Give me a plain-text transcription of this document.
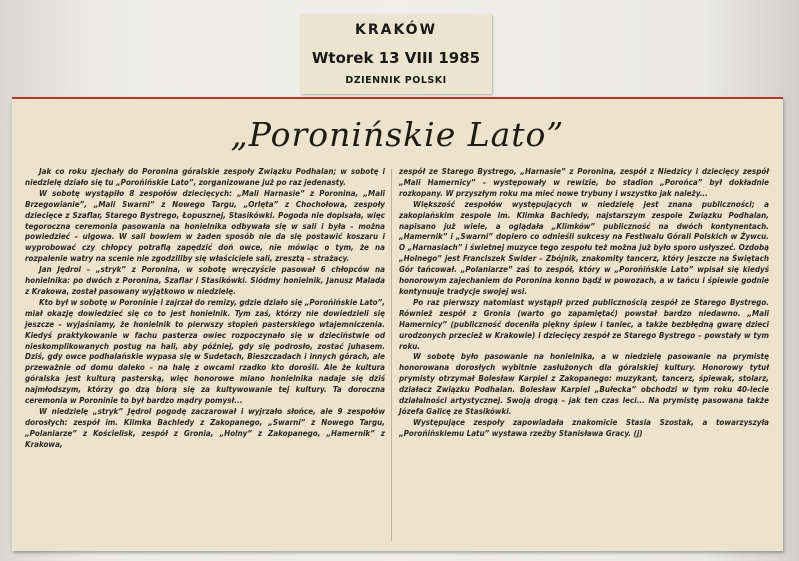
KRAKÓW
Wtorek 13 VIII 1985
DZIENNIK POLSKI
„Poronińskie Lato”

Jak co roku zjechały do Poronina góralskie zespoły Związku Podhalan; w sobotę i niedzielę działo się tu „Porońińskie Lato”, zorganizowane już po raz jedenasty.

W sobotę wystąpiło 8 zespołów dziecięcych: „Mali Harnasie” z Poronina, „Mali Brzegowianie”, „Mali Swarni” z Nowego Targu, „Orlęta” z Chochołowa, zespoły dziecięce z Szaflar, Starego Bystrego, Łopusznej, Stasikówki. Pogoda nie dopisała, więc tegoroczna ceremonia pasowania na honielnika odbywała się w sali i była – można powiedzieć – ulgowa. W sali bowiem w żaden sposób nie da się postawić koszaru i wyprobować czy chłopcy potrafią zapędzić doń owce, nie mówiąc o tym, że na rozpalenie watry na scenie nie zgodziliby się właściciele sali, zresztą – strażacy.

Jan Jędrol – „stryk” z Poronina, w sobotę wręczyście pasował 6 chłopców na honielnika: po dwóch z Poronina, Szaflar i Stasikówki. Siódmy honielnik, Janusz Malada z Krakowa, został pasowany wyjątkowo w niedzielę.

Kto był w sobotę w Poroninie i zajrzał do remizy, gdzie działo się „Porońińskie Lato”, miał okazję dowiedzieć się co to jest honielnik. Tym zaś, którzy nie dowiedzieli się jeszcze – wyjaśniamy, że honielnik to pierwszy stopień pasterskiego wtajemniczenia. Kiedyś praktykowanie w fachu pasterza owiec rozpoczynało się w dzieciństwie od nieskomplikowanych postug na hali, aby później, gdy się podrosło, zostać juhasem. Dziś, gdy owce podhalańskie wypasa się w Sudetach, Bieszczadach i innych górach, ale przeważnie od domu daleko – na halę z owcami rzadko kto dorośli. Ale że kultura góralska jest kulturą pasterską, więc honorowe miano honielnika nadaje się dziś najmłodszym, którzy go dzą biorą się za kultywowanie tej kultury. Ta doroczna ceremonia w Poroninie to był bardzo mądry pomysł...

W niedzielę „stryk” Jędrol pogodę zaczarował i wyjrzało słońce, ale 9 zespołów dorosłych: zespół im. Klimka Bachledy z Zakopanego, „Swarni” z Nowego Targu, „Polaniarze” z Kościelisk, zespół z Gronia, „Holny” z Zakopanego, „Hamernik” z Krakowa,

zespół ze Starego Bystrego, „Harnasie” z Poronina, zespół z Niedzicy i dziecięcy zespół „Mali Hamernicy” – występowały w rewizie, bo stadion „Porońca” był dokładnie rozkopany. W przyszłym roku ma mieć nowe trybuny i wszystko jak należy...

Większość zespołów występujących w niedzielę jest znana publiczności; a zakopiańskim zespole im. Klimka Bachledy, najstarszym zespole Związku Podhalan, napisano już wiele, a oglądała „Klimków” publiczność na dwóch kontynentach. „Hamernik” i „Swarni” dopiero co odnieśli sukcesy na Festiwalu Górali Polskich w Żywcu. O „Harnasiach” i świetnej muzyce tego zespołu też można już było sporo usłyszeć. Ozdobą „Holnego” jest Franciszek Świder – Zbójnik, znakomity tancerz, który jeszcze na Świętach Gór tańcował. „Polaniarze” zaś to zespół, który w „Porońińskie Lato” wpisał się kiedyś honorowym zajechaniem do Poronina konno bądź w powozach, a w tańcu i śpiewie godnie kontynuuje tradycje swojej wsi.

Po raz pierwszy natomiast wystąpił przed publicznością zespół ze Starego Bystrego. Również zespół z Gronia (warto go zapamiętać) powstał bardzo niedawno. „Mali Hamernicy” (publiczność doceniła piękny śpiew i taniec, a także bezbłędną gwarę dzieci urodzonych przecież w Krakowie) i dziecięcy zespół ze Starego Bystrego – powstały w tym roku.

W sobotę było pasowanie na honielnika, a w niedzielę pasowanie na prymistę honorowana dorosłych wybitnie zasłużonych dla góralskiej kultury. Honorowy tytuł prymisty otrzymał Bolesław Karpiel z Zakopanego: muzykant, tancerz, śpiewak, stolarz, działacz Związku Podhalan. Bolesław Karpiel „Bułecka” obchodzi w tym roku 40-lecie działalności artystycznej. Swoją drogą – jak ten czas leci... Na prymistę pasowana także Józefa Galicę ze Stasikówki.

Występujące zespoły zapowiadała znakomicie Stasia Szostak, a towarzyszyła „Porońińskiemu Latu” wystawa rzeźby Stanisława Gracy. (j)
